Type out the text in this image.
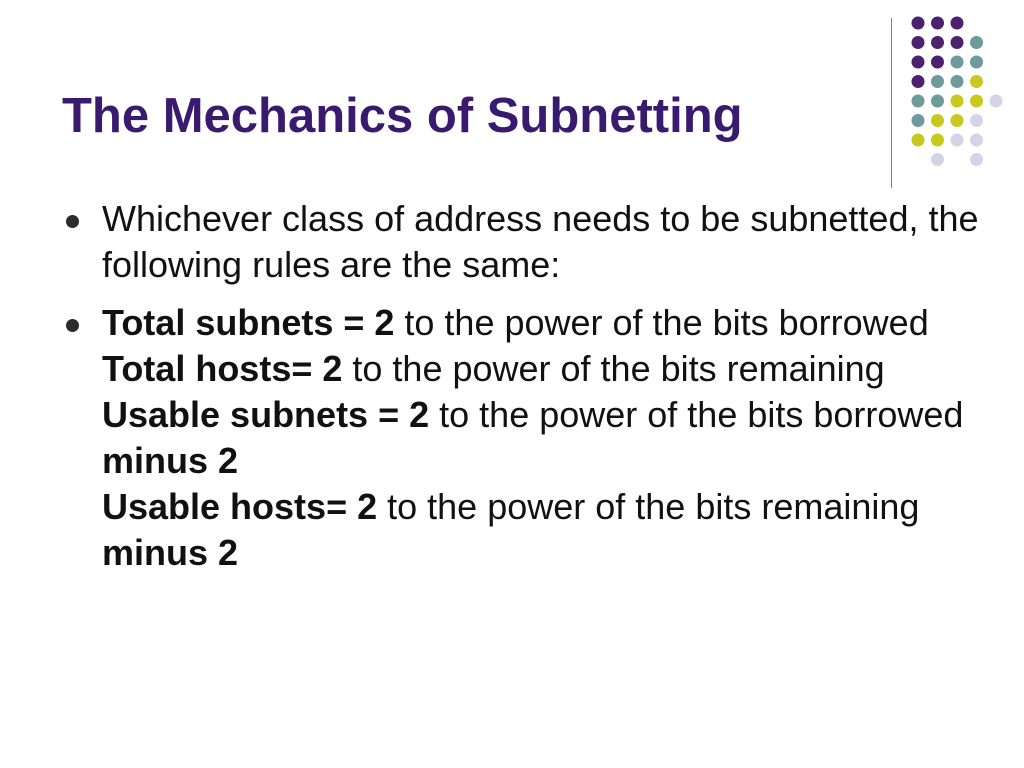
The Mechanics of Subnetting
Whichever class of address needs to be subnetted, the following rules are the same:
Total subnets = 2 to the power of the bits borrowed
Total hosts= 2 to the power of the bits remaining
Usable subnets = 2 to the power of the bits borrowed minus 2
Usable hosts= 2 to the power of the bits remaining minus 2
